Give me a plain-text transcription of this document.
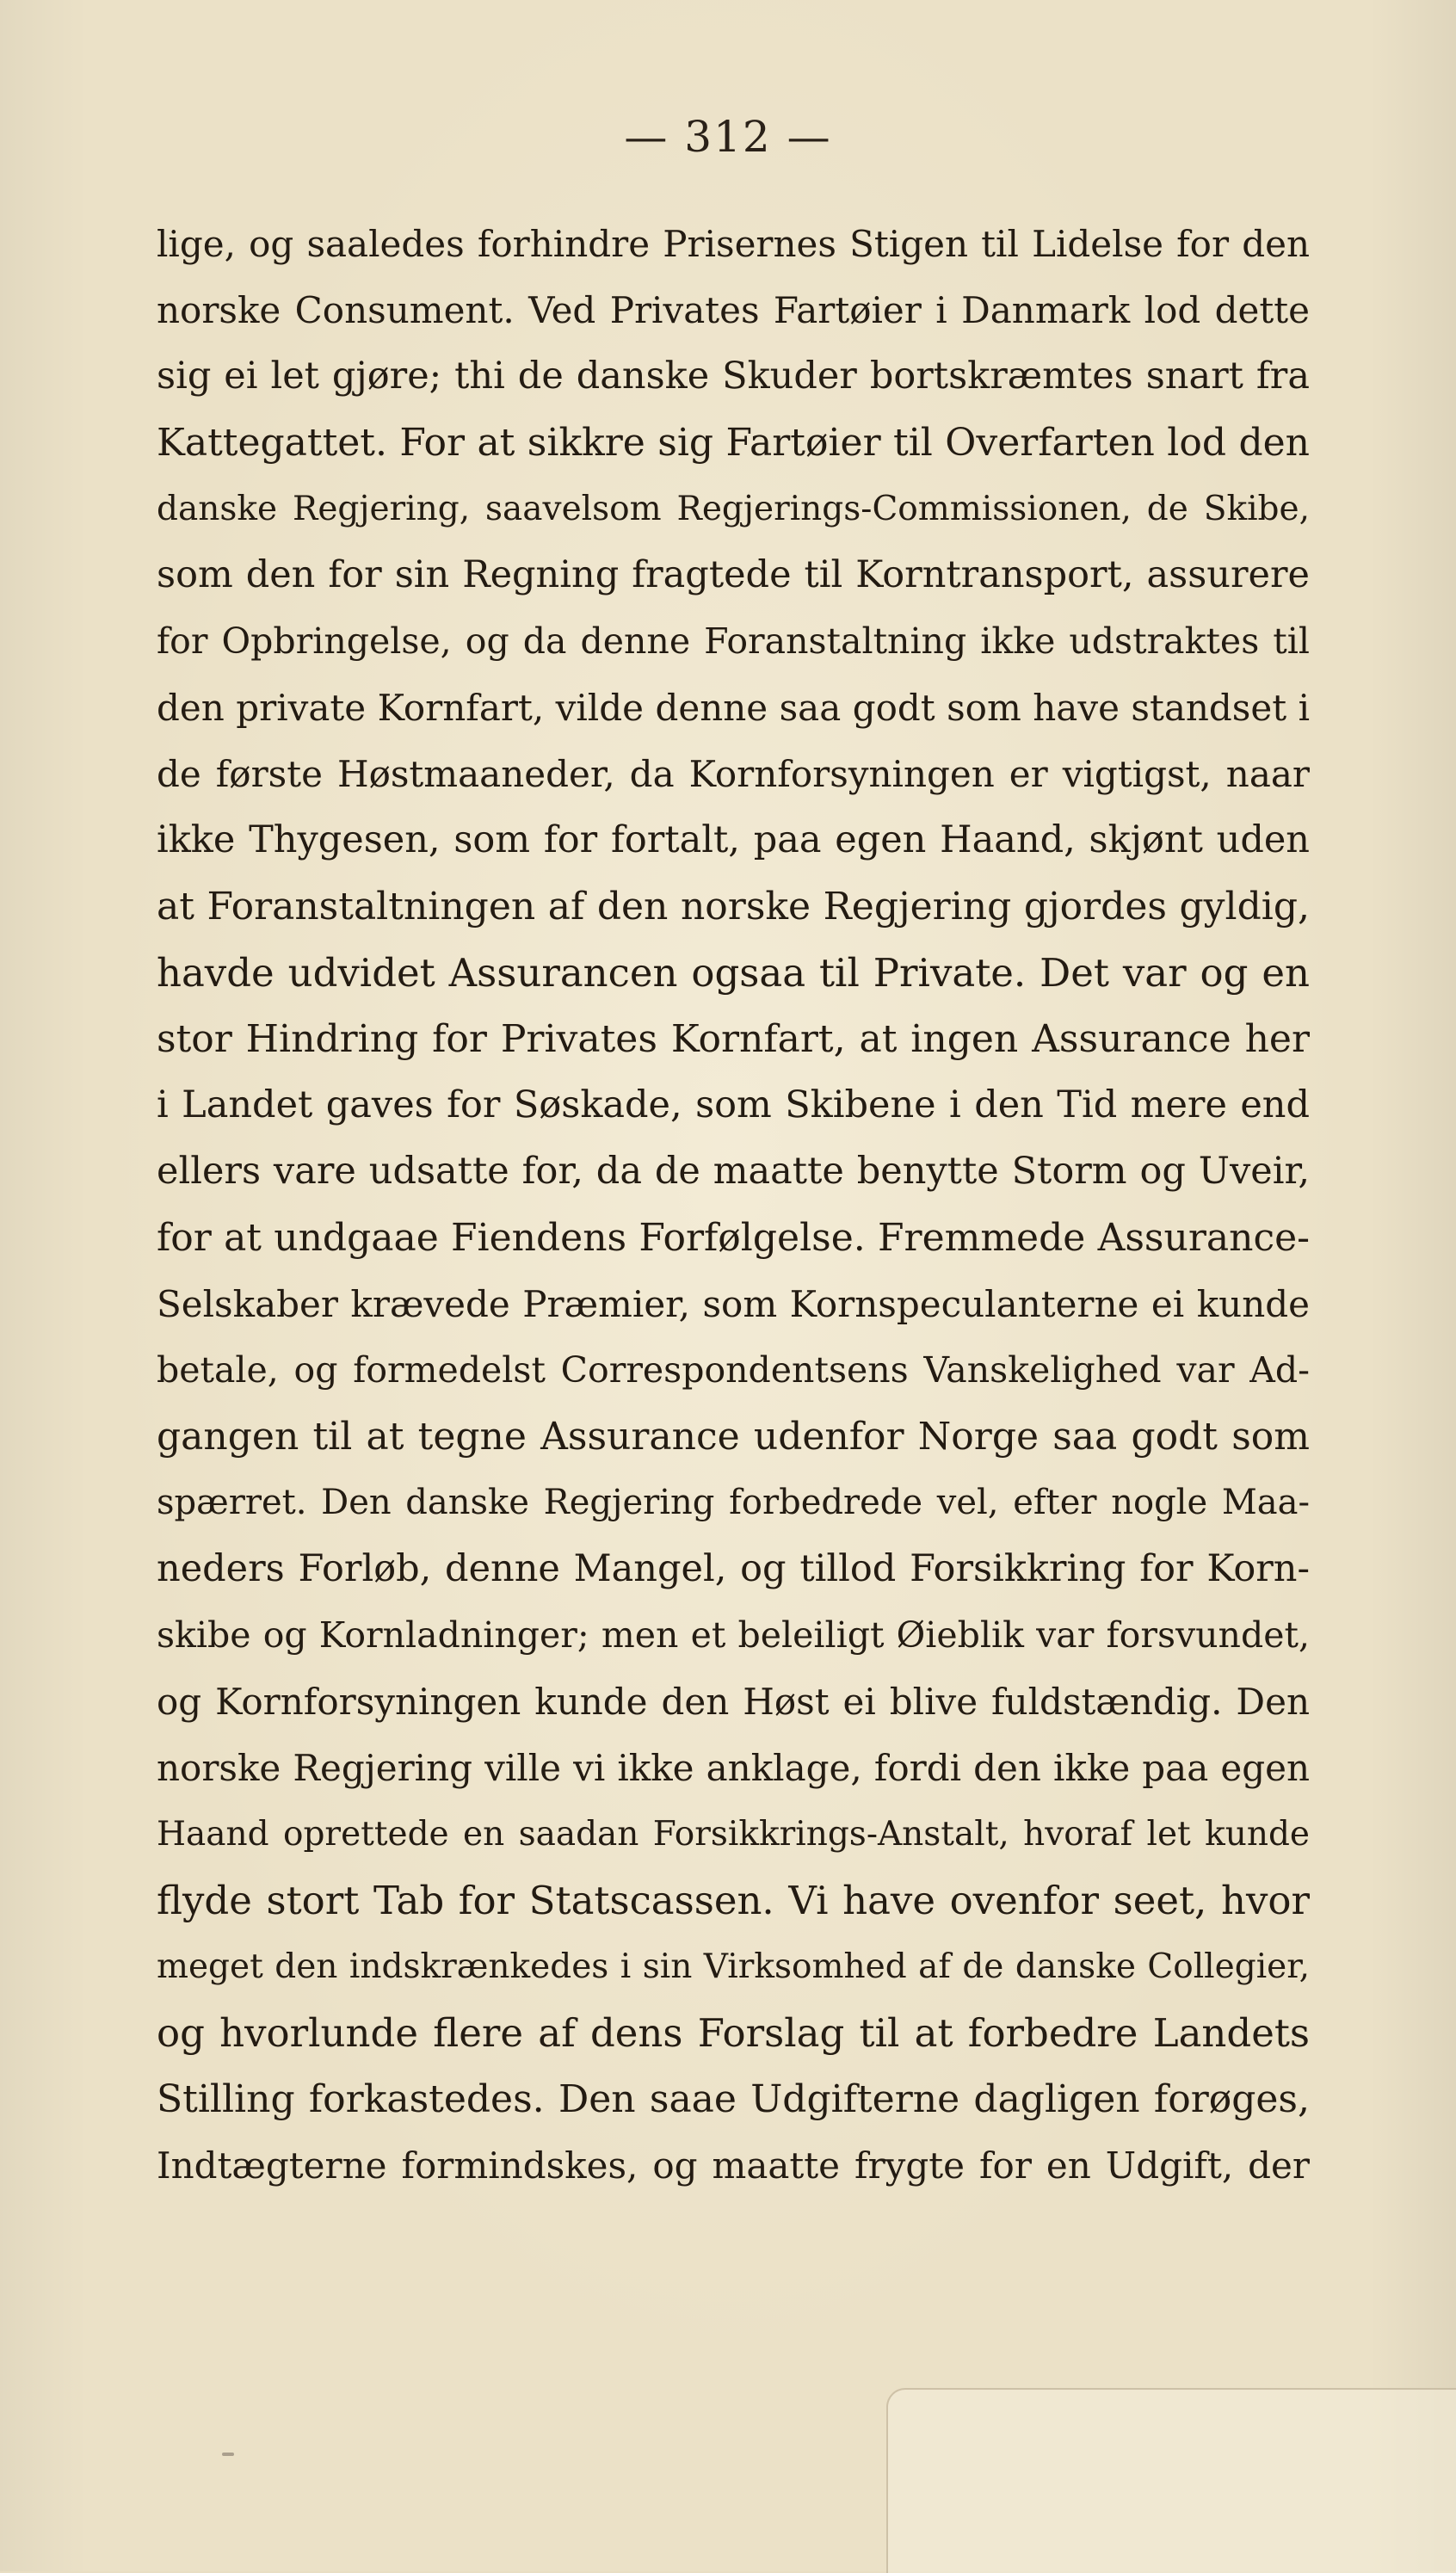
— 312 —
lige, og saaledes forhindre Prisernes Stigen til Lidelse for den
norske Consument. Ved Privates Fartøier i Danmark lod dette
sig ei let gjøre; thi de danske Skuder bortskræmtes snart fra
Kattegattet. For at sikkre sig Fartøier til Overfarten lod den
danske Regjering, saavelsom Regjerings-Commissionen, de Skibe,
som den for sin Regning fragtede til Korntransport, assurere
for Opbringelse, og da denne Foranstaltning ikke udstraktes til
den private Kornfart, vilde denne saa godt som have standset i
de første Høstmaaneder, da Kornforsyningen er vigtigst, naar
ikke Thygesen, som for fortalt, paa egen Haand, skjønt uden
at Foranstaltningen af den norske Regjering gjordes gyldig,
havde udvidet Assurancen ogsaa til Private. Det var og en
stor Hindring for Privates Kornfart, at ingen Assurance her
i Landet gaves for Søskade, som Skibene i den Tid mere end
ellers vare udsatte for, da de maatte benytte Storm og Uveir,
for at undgaae Fiendens Forfølgelse. Fremmede Assurance-
Selskaber krævede Præmier, som Kornspeculanterne ei kunde
betale, og formedelst Correspondentsens Vanskelighed var Ad-
gangen til at tegne Assurance udenfor Norge saa godt som
spærret. Den danske Regjering forbedrede vel, efter nogle Maa-
neders Forløb, denne Mangel, og tillod Forsikkring for Korn-
skibe og Kornladninger; men et beleiligt Øieblik var forsvundet,
og Kornforsyningen kunde den Høst ei blive fuldstændig. Den
norske Regjering ville vi ikke anklage, fordi den ikke paa egen
Haand oprettede en saadan Forsikkrings-Anstalt, hvoraf let kunde
flyde stort Tab for Statscassen. Vi have ovenfor seet, hvor
meget den indskrænkedes i sin Virksomhed af de danske Collegier,
og hvorlunde flere af dens Forslag til at forbedre Landets
Stilling forkastedes. Den saae Udgifterne dagligen forøges,
Indtægterne formindskes, og maatte frygte for en Udgift, der
